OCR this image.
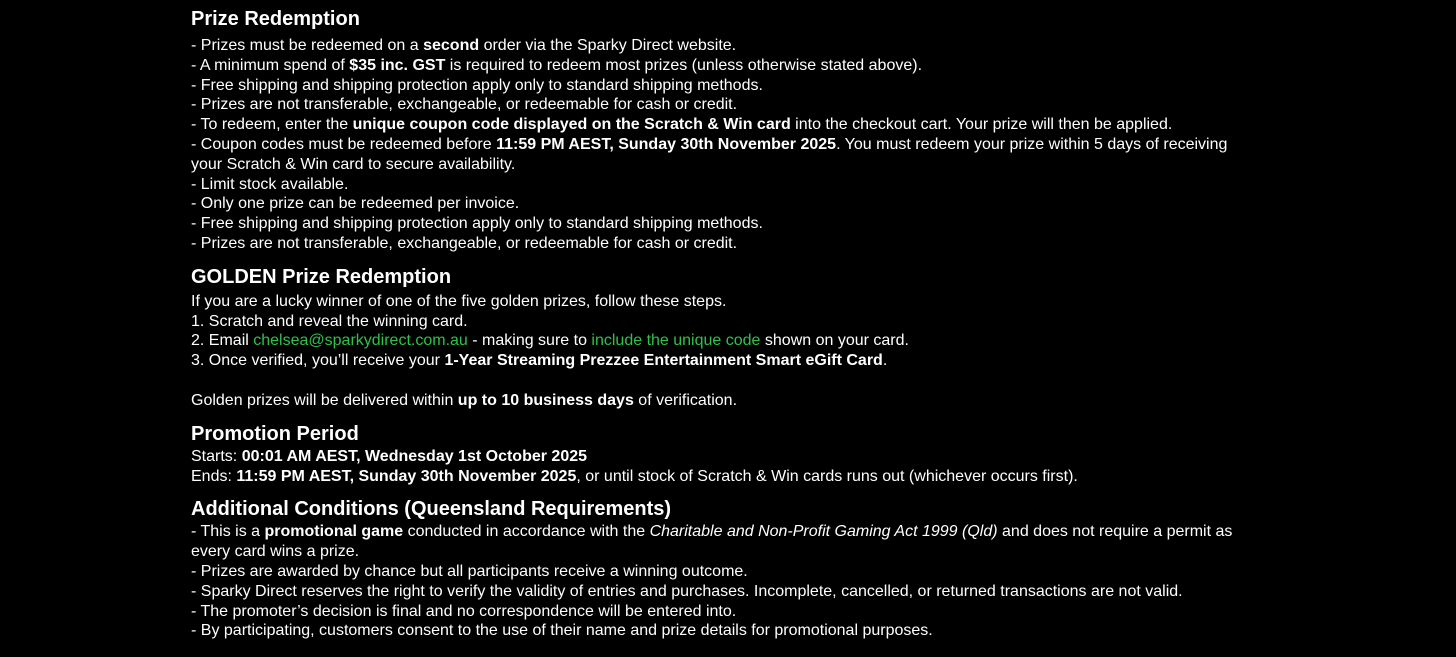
Prize Redemption

- Prizes must be redeemed on a second order via the Sparky Direct website.

- A minimum spend of $35 inc. GST is required to redeem most prizes (unless otherwise stated above).

- Free shipping and shipping protection apply only to standard shipping methods.

- Prizes are not transferable, exchangeable, or redeemable for cash or credit.

- To redeem, enter the unique coupon code displayed on the Scratch & Win card into the checkout cart. Your prize will then be applied.

- Coupon codes must be redeemed before 11:59 PM AEST, Sunday 30th November 2025. You must redeem your prize within 5 days of receiving your Scratch & Win card to secure availability.

- Limit stock available.

- Only one prize can be redeemed per invoice.

- Free shipping and shipping protection apply only to standard shipping methods.

- Prizes are not transferable, exchangeable, or redeemable for cash or credit.

GOLDEN Prize Redemption

If you are a lucky winner of one of the five golden prizes, follow these steps.

1. Scratch and reveal the winning card.

2. Email chelsea@sparkydirect.com.au - making sure to include the unique code shown on your card.

3. Once verified, you’ll receive your 1-Year Streaming Prezzee Entertainment Smart eGift Card.

Golden prizes will be delivered within up to 10 business days of verification.

Promotion Period

Starts: 00:01 AM AEST, Wednesday 1st October 2025

Ends: 11:59 PM AEST, Sunday 30th November 2025, or until stock of Scratch & Win cards runs out (whichever occurs first).

Additional Conditions (Queensland Requirements)

- This is a promotional game conducted in accordance with the Charitable and Non-Profit Gaming Act 1999 (Qld) and does not require a permit as every card wins a prize.

- Prizes are awarded by chance but all participants receive a winning outcome.

- Sparky Direct reserves the right to verify the validity of entries and purchases. Incomplete, cancelled, or returned transactions are not valid.

- The promoter’s decision is final and no correspondence will be entered into.

- By participating, customers consent to the use of their name and prize details for promotional purposes.
